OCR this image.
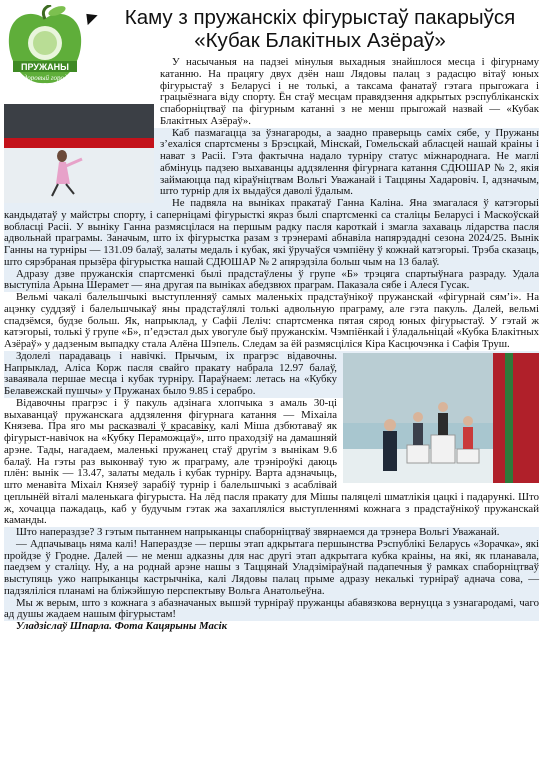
ПРУЖАНЫ
Здоровый город!
Каму з пружанскіх фігурыстаў пакарыўся «Кубак Блакітных Азёраў»

У насычаныя на падзеі мінулыя выхадныя знайшлося месца і фігурнаму катанню. На працягу двух дзён наш Лядовы палац з радасцю вітаў юных фігурыстаў з Беларусі і не толькі, а таксама фанатаў гэтага прыгожага і грацыёзнага віду спорту. Ён стаў месцам правядзення адкрытых рэспубліканскіх спаборніцтваў па фігурным катанні з не менш прыгожай назвай — «Кубак Блакітных Азёраў».

Каб пазмагацца за ўзнагароды, а заадно праверыць саміх сябе, у Пружаны з’ехаліся спартсмены з Брэсцкай, Мінскай, Гомельскай абласцей нашай краіны і нават з Расіі. Гэта фактычна надало турніру статус міжнароднага. Не маглі абмінуць падзею выхаванцы аддзялення фігурнага катання СДЮШАР № 2, якія займаюцца пад кіраўніцтвам Вольгі Уважанай і Таццяны Хадаровіч. І, адзначым, што турнір для іх выдаўся даволі ўдалым.

Не падвяла на выніках пракатаў Ганна Каліна. Яна змагалася ў катэгорыі кандыдатаў у майстры спорту, і саперніцамі фігурысткі якраз былі спартсменкі са сталіцы Беларусі і Маскоўскай вобласці Расіі. У выніку Ганна размясцілася на першым радку пасля кароткай і змагла захаваць лідарства пасля адвольнай праграмы. Заначым, што іх фігурыстка разам з трэнерамі абнавіла напярэдадні сезона 2024/25. Вынік Ганны на турніры — 131.09 балаў, залаты медаль і кубак, які ўручаўся чэмпіёну ў кожнай катэгорыі. Трэба сказаць, што сярэбраная прызёра фігурыстка нашай СДЮШАР № 2 апярэдзіла больш чым на 13 балаў.

Адразу дзве пружанскія спартсменкі былі прадстаўлены ў групе «Б» трэцяга спартыўнага разраду. Удала выступіла Арына Шерамет — яна другая па выніках абедзвюх праграм. Паказала сябе і Алеся Гусак.

Вельмі чакалі балельшчыкі выступленняў самых маленькіх прадстаўнікоў пружанскай «фігурнай сям’і». На ацэнку суддзяў і балельшчыкаў яны прадстаўлялі толькі адвольную праграму, але гэта пакуль. Далей, вельмі спадзёмся, будзе больш. Як, напрыклад, у Сафіі Леліч: спартсменка пятая сярод юных фігурыстаў. У гэтай ж катэгорыі, толькі ў групе «Б», п’едэстал дых увогуле быў пружанскім. Чэмпіёнкай і ўладальніцай «Кубка Блакітных Азёраў» у дадзеным выпадку стала Алёна Шэпель. Следам за ёй размясціліся Кіра Касцючэнка і Сафія Труш.

Здолелі парадаваць і навічкі. Прычым, іх прагрэс відавочны. Напрыклад, Аліса Корж пасля свайго пракату набрала 12.97 балаў, заваявала першае месца і кубак турніру. Параўнаем: летась на «Кубку Белавежскай пушчы» у Пружанах было 9.85 і серабро.

Відавочны прагрэс і ў пакуль адзінага хлопчыка з амаль 30-ці выхаванцаў пружанскага аддзялення фігурнага катання — Міхаіла Князева. Пра яго мы расказвалі ў красавіку, калі Міша дзбютаваў як фігурыст-навічок на «Кубку Пераможцаў», што праходзіў на дамашняй арэне. Тады, нагадаем, маленькі пружанец стаў другім з вынікам 9.6 балаў. На гэты раз выконваў тую ж праграму, але трэніроўкі даюць плён: вынік — 13.47, залаты медаль і кубак турніру. Варта адзначыць, што менавіта Міхаіл Князеў зарабіў турнір і балельшчыкі з асаблівай цеплынёй віталі маленькага фігурыста. На лёд пасля пракату для Мішы паляцелі шматлікія цацкі і падарункі. Што ж, хочацца пажадаць, каб у будучым гэтак жа захапляліся выступленнямі кожнага з прадстаўнікоў пружанскай каманды.

Што напераздзе? З гэтым пытаннем напрыканцы спаборніцтваў звярнаемся да трэнера Вольгі Уважанай.

— Адпачываць няма калі! Напераздзе — першы этап адкрытага першынства Рэспублікі Беларусь «Зорачка», які пройдзе ў Гродне. Далей — не менш адказны для нас другі этап адкрытага кубка краіны, на які, як планавала, паедзем у сталіцу. Ну, а на роднай арэне нашы з Таццянай Уладзіміраўнай падапечныя ў рамках спаборніцтваў выступяць ужо напрыканцы кастрычніка, калі Лядовы палац прыме адразу некалькі турніраў аднача сова, — падзяліліся планамі на бліжэйшую перспектыву Вольга Анатольеўна.

Мы ж верым, што з кожнага з абазначаных вышэй турніраў пружанцы абавязкова вернуцца з узнагародамі, чаго ад душы жадаем нашым фігурыстам!

Уладзіслаў Шпарла. Фота Кацярыны Масік
